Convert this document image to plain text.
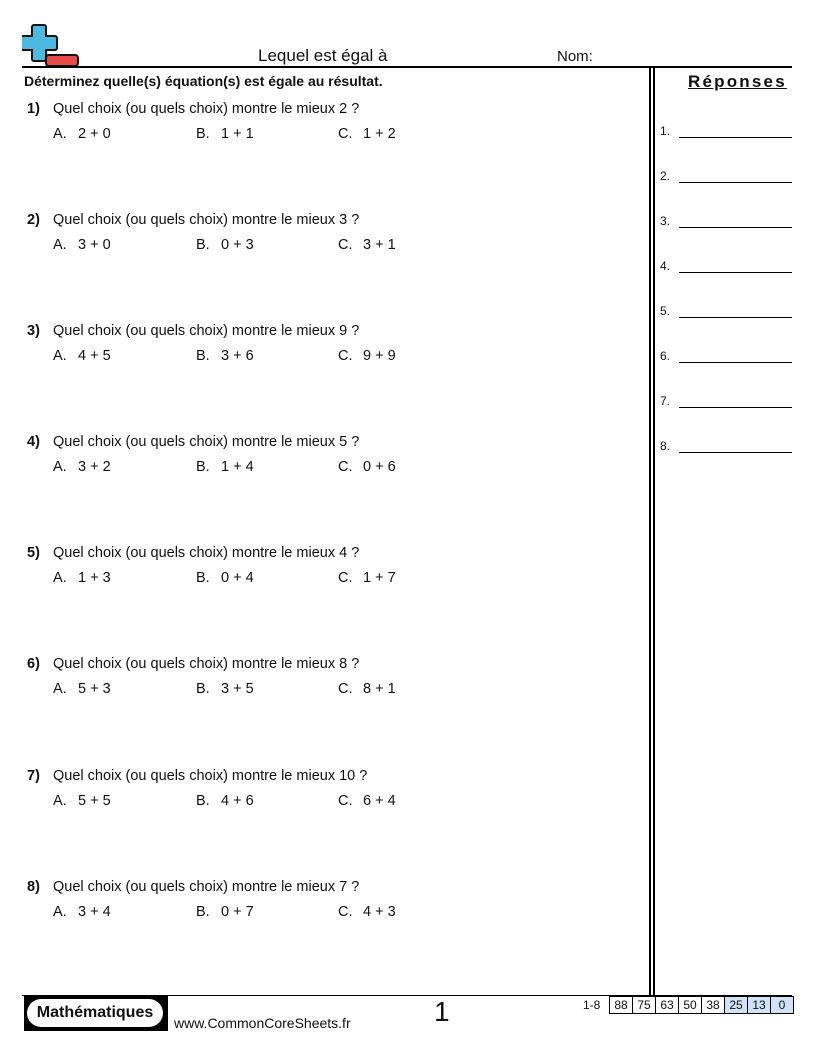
Lequel est égal à	Nom:
Déterminez quelle(s) équation(s) est égale au résultat.
1) Quel choix (ou quels choix) montre le mieux 2 ?
A. 2 + 0	B. 1 + 1	C. 1 + 2
2) Quel choix (ou quels choix) montre le mieux 3 ?
A. 3 + 0	B. 0 + 3	C. 3 + 1
3) Quel choix (ou quels choix) montre le mieux 9 ?
A. 4 + 5	B. 3 + 6	C. 9 + 9
4) Quel choix (ou quels choix) montre le mieux 5 ?
A. 3 + 2	B. 1 + 4	C. 0 + 6
5) Quel choix (ou quels choix) montre le mieux 4 ?
A. 1 + 3	B. 0 + 4	C. 1 + 7
6) Quel choix (ou quels choix) montre le mieux 8 ?
A. 5 + 3	B. 3 + 5	C. 8 + 1
7) Quel choix (ou quels choix) montre le mieux 10 ?
A. 5 + 5	B. 4 + 6	C. 6 + 4
8) Quel choix (ou quels choix) montre le mieux 7 ?
A. 3 + 4	B. 0 + 7	C. 4 + 3
Réponses
1.
2.
3.
4.
5.
6.
7.
8.
Mathématiques
www.CommonCoreSheets.fr	1	1-8	88 75 63 50 38 25 13	0
